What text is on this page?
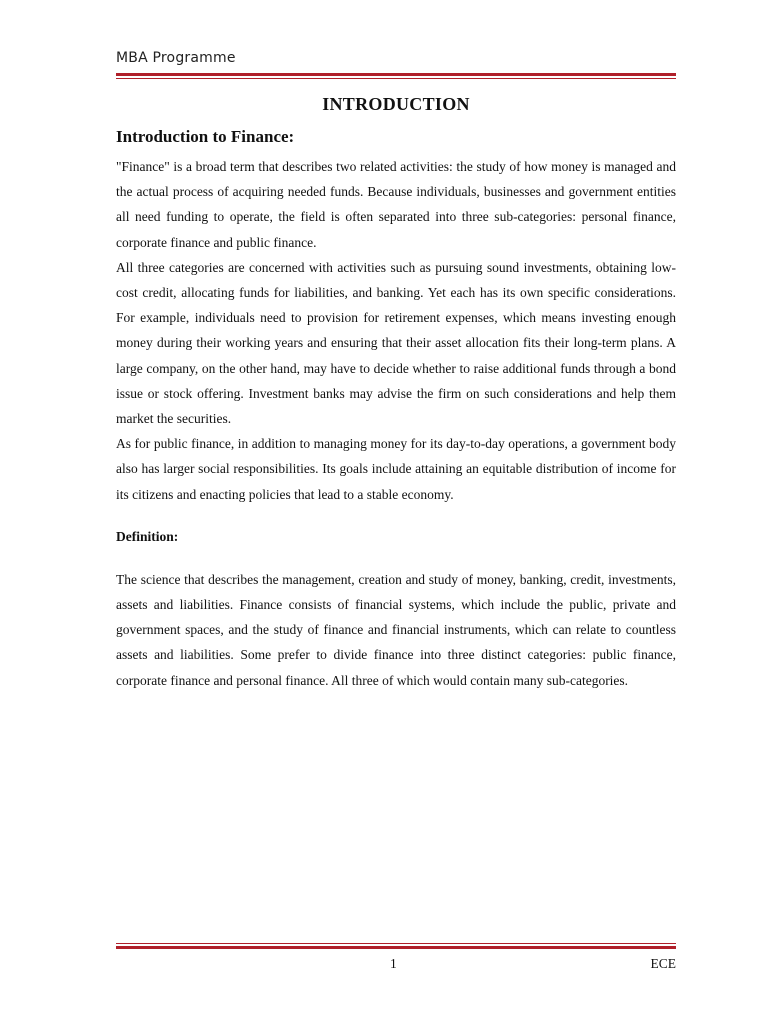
MBA Programme
INTRODUCTION

Introduction to Finance:

"Finance" is a broad term that describes two related activities: the study of how money is managed and the actual process of acquiring needed funds. Because individuals, businesses and government entities all need funding to operate, the field is often separated into three sub-categories: personal finance, corporate finance and public finance.

All three categories are concerned with activities such as pursuing sound investments, obtaining low-cost credit, allocating funds for liabilities, and banking. Yet each has its own specific considerations. For example, individuals need to provision for retirement expenses, which means investing enough money during their working years and ensuring that their asset allocation fits their long-term plans. A large company, on the other hand, may have to decide whether to raise additional funds through a bond issue or stock offering. Investment banks may advise the firm on such considerations and help them market the securities.

As for public finance, in addition to managing money for its day-to-day operations, a government body also has larger social responsibilities. Its goals include attaining an equitable distribution of income for its citizens and enacting policies that lead to a stable economy.

Definition:

The science that describes the management, creation and study of money, banking, credit, investments, assets and liabilities. Finance consists of financial systems, which include the public, private and government spaces, and the study of finance and financial instruments, which can relate to countless assets and liabilities. Some prefer to divide finance into three distinct categories: public finance, corporate finance and personal finance. All three of which would contain many sub-categories.

1	ECE
